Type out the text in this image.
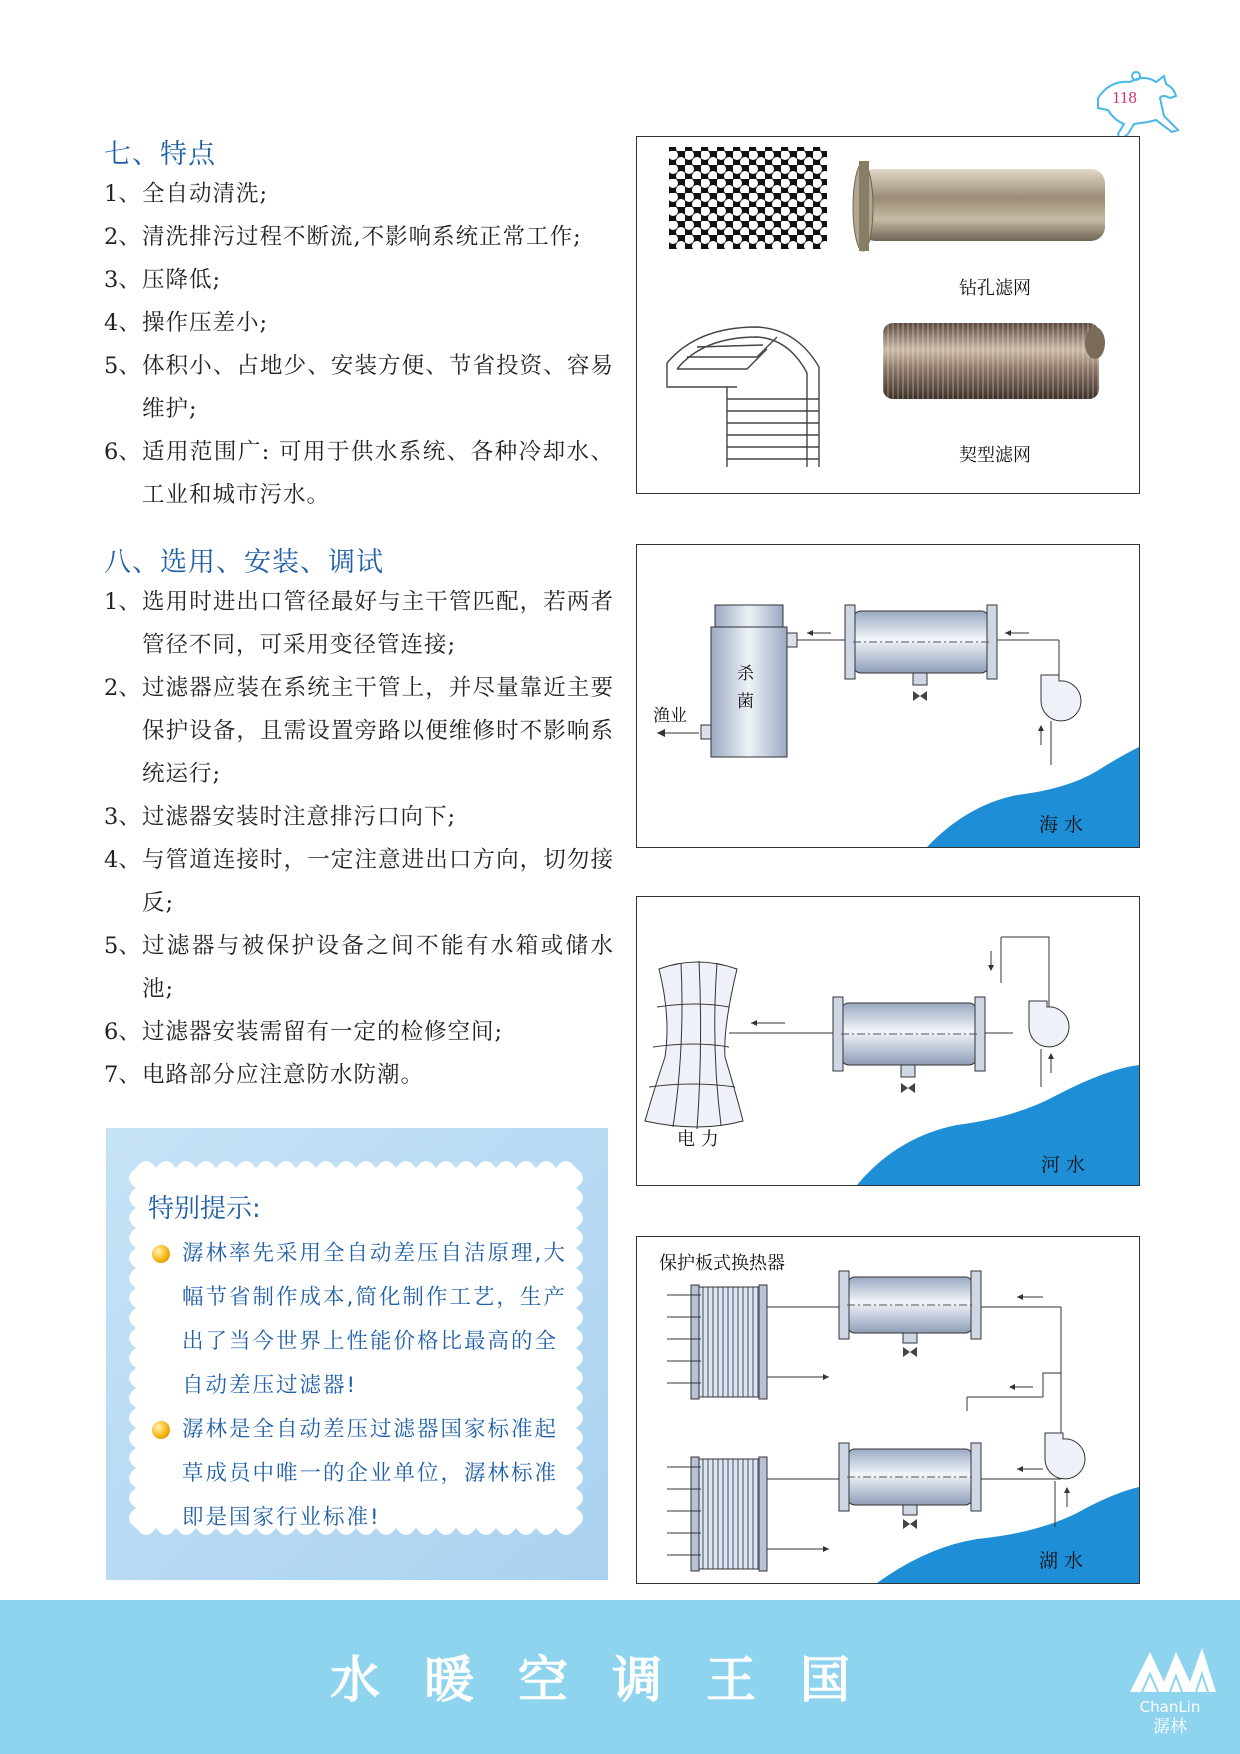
118
七、特点
1、 全自动清洗;
2、 清洗排污过程不断流,不影响系统正常工作;
3、 压降低;
4、 操作压差小;
5、 体积小、占地少、安装方便、节省投资、容易维护;
6、 适用范围广: 可用于供水系统、各种冷却水、工业和城市污水。
八、选用、安装、调试
1、 选用时进出口管径最好与主干管匹配，若两者管径不同，可采用变径管连接;
2、 过滤器应装在系统主干管上，并尽量靠近主要保护设备，且需设置旁路以便维修时不影响系统运行;
3、 过滤器安装时注意排污口向下;
4、 与管道连接时，一定注意进出口方向，切勿接反;
5、 过滤器与被保护设备之间不能有水箱或储水池;
6、 过滤器安装需留有一定的检修空间;
7、 电路部分应注意防水防潮。
钻孔滤网
契型滤网
海 水
杀
菌
渔业
河 水
电 力
保护板式换热器
湖 水
特别提示:
潺林率先采用全自动差压自洁原理,大幅节省制作成本,简化制作工艺，生产出了当今世界上性能价格比最高的全自动差压过滤器!
潺林是全自动差压过滤器国家标准起草成员中唯一的企业单位，潺林标准即是国家行业标准!
水暖空调王国	ChanLin
潺林
